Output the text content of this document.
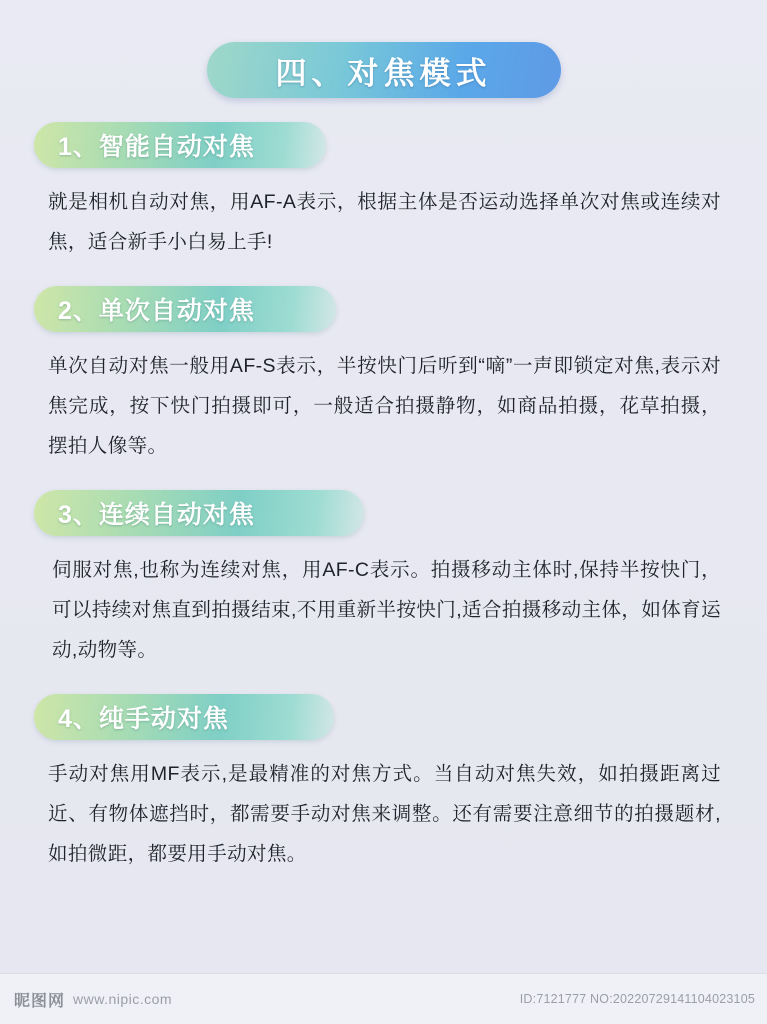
四、对焦模式
1、智能自动对焦

就是相机自动对焦，用AF-A表示，根据主体是否运动选择单次对焦或连续对焦，适合新手小白易上手!

2、单次自动对焦

单次自动对焦一般用AF-S表示，半按快门后听到“嘀”一声即锁定对焦,表示对焦完成，按下快门拍摄即可，一般适合拍摄静物，如商品拍摄，花草拍摄，摆拍人像等。

3、连续自动对焦

伺服对焦,也称为连续对焦，用AF-C表示。拍摄移动主体时,保持半按快门，可以持续对焦直到拍摄结束,不用重新半按快门,适合拍摄移动主体，如体育运动,动物等。

4、纯手动对焦

手动对焦用MF表示,是最精准的对焦方式。当自动对焦失效，如拍摄距离过近、有物体遮挡时，都需要手动对焦来调整。还有需要注意细节的拍摄题材,如拍微距，都要用手动对焦。

昵图网 www.nipic.com	ID:7121777 NO:20220729141104023105
